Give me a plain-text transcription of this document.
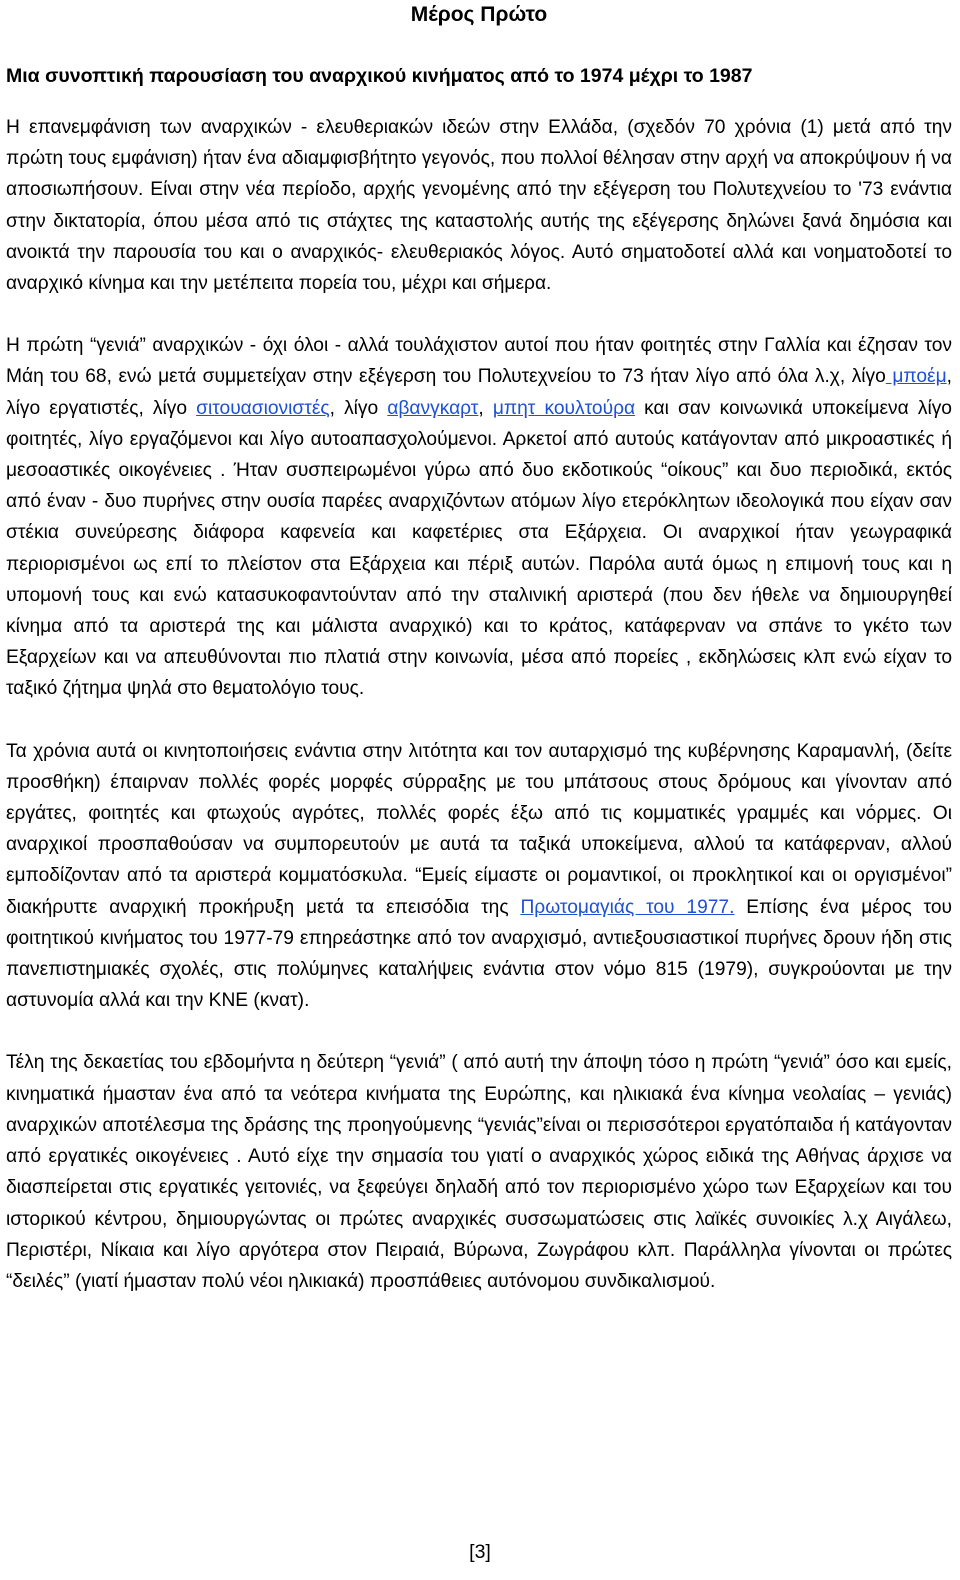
Μέρος Πρώτο
Μια συνοπτική παρουσίαση του αναρχικού κινήματος από το 1974 μέχρι το 1987

Η επανεμφάνιση των αναρχικών - ελευθεριακών ιδεών στην Ελλάδα, (σχεδόν 70 χρόνια (1) μετά από την πρώτη τους εμφάνιση) ήταν ένα αδιαμφισβήτητο γεγονός, που πολλοί θέλησαν στην αρχή να αποκρύψουν ή να αποσιωπήσουν. Είναι στην νέα περίοδο, αρχής γενομένης από την εξέγερση του Πολυτεχνείου το '73 ενάντια στην δικτατορία, όπου μέσα από τις στάχτες της καταστολής αυτής της εξέγερσης δηλώνει ξανά δημόσια και ανοικτά την παρουσία του και ο αναρχικός- ελευθεριακός λόγος. Αυτό σηματοδοτεί αλλά και νοηματοδοτεί το αναρχικό κίνημα και την μετέπειτα πορεία του, μέχρι και σήμερα.

Η πρώτη “γενιά” αναρχικών - όχι όλοι - αλλά τουλάχιστον αυτοί που ήταν φοιτητές στην Γαλλία και έζησαν τον Μάη του 68, ενώ μετά συμμετείχαν στην εξέγερση του Πολυτεχνείου το 73 ήταν λίγο από όλα λ.χ, λίγο μποέμ, λίγο εργατιστές, λίγο σιτουασιονιστές, λίγο αβανγκαρτ, μπητ κουλτούρα και σαν κοινωνικά υποκείμενα λίγο φοιτητές, λίγο εργαζόμενοι και λίγο αυτοαπασχολούμενοι. Αρκετοί από αυτούς κατάγονταν από μικροαστικές ή μεσοαστικές οικογένειες . Ήταν συσπειρωμένοι γύρω από δυο εκδοτικούς “οίκους” και δυο περιοδικά, εκτός από έναν - δυο πυρήνες στην ουσία παρέες αναρχιζόντων ατόμων λίγο ετερόκλητων ιδεολογικά που είχαν σαν στέκια συνεύρεσης διάφορα καφενεία και καφετέριες στα Εξάρχεια. Οι αναρχικοί ήταν γεωγραφικά περιορισμένοι ως επί το πλείστον στα Εξάρχεια και πέριξ αυτών. Παρόλα αυτά όμως η επιμονή τους και η υπομονή τους και ενώ κατασυκοφαντούνταν από την σταλινική αριστερά (που δεν ήθελε να δημιουργηθεί κίνημα από τα αριστερά της και μάλιστα αναρχικό) και το κράτος, κατάφερναν να σπάνε το γκέτο των Εξαρχείων και να απευθύνονται πιο πλατιά στην κοινωνία, μέσα από πορείες , εκδηλώσεις κλπ ενώ είχαν το ταξικό ζήτημα ψηλά στο θεματολόγιο τους.

Τα χρόνια αυτά οι κινητοποιήσεις ενάντια στην λιτότητα και τον αυταρχισμό της κυβέρνησης Καραμανλή, (δείτε προσθήκη) έπαιρναν πολλές φορές μορφές σύρραξης με του μπάτσους στους δρόμους και γίνονταν από εργάτες, φοιτητές και φτωχούς αγρότες, πολλές φορές έξω από τις κομματικές γραμμές και νόρμες. Οι αναρχικοί προσπαθούσαν να συμπορευτούν με αυτά τα ταξικά υποκείμενα, αλλού τα κατάφερναν, αλλού εμποδίζονταν από τα αριστερά κομματόσκυλα. “Εμείς είμαστε οι ρομαντικοί, οι προκλητικοί και οι οργισμένοι” διακήρυττε αναρχική προκήρυξη μετά τα επεισόδια της Πρωτομαγιάς του 1977. Επίσης ένα μέρος του φοιτητικού κινήματος του 1977-79 επηρεάστηκε από τον αναρχισμό, αντιεξουσιαστικοί πυρήνες δρουν ήδη στις πανεπιστημιακές σχολές, στις πολύμηνες καταλήψεις ενάντια στον νόμο 815 (1979), συγκρούονται με την αστυνομία αλλά και την ΚΝΕ (κνατ).

Τέλη της δεκαετίας του εβδομήντα η δεύτερη “γενιά” ( από αυτή την άποψη τόσο η πρώτη “γενιά” όσο και εμείς, κινηματικά ήμασταν ένα από τα νεότερα κινήματα της Ευρώπης, και ηλικιακά ένα κίνημα νεολαίας – γενιάς) αναρχικών αποτέλεσμα της δράσης της προηγούμενης “γενιάς”είναι οι περισσότεροι εργατόπαιδα ή κατάγονταν από εργατικές οικογένειες . Αυτό είχε την σημασία του γιατί ο αναρχικός χώρος ειδικά της Αθήνας άρχισε να διασπείρεται στις εργατικές γειτονιές, να ξεφεύγει δηλαδή από τον περιορισμένο χώρο των Εξαρχείων και του ιστορικού κέντρου, δημιουργώντας οι πρώτες αναρχικές συσσωματώσεις στις λαϊκές συνοικίες λ.χ Αιγάλεω, Περιστέρι, Νίκαια και λίγο αργότερα στον Πειραιά, Βύρωνα, Ζωγράφου κλπ. Παράλληλα γίνονται οι πρώτες “δειλές” (γιατί ήμασταν πολύ νέοι ηλικιακά) προσπάθειες αυτόνομου συνδικαλισμού.

[3]
